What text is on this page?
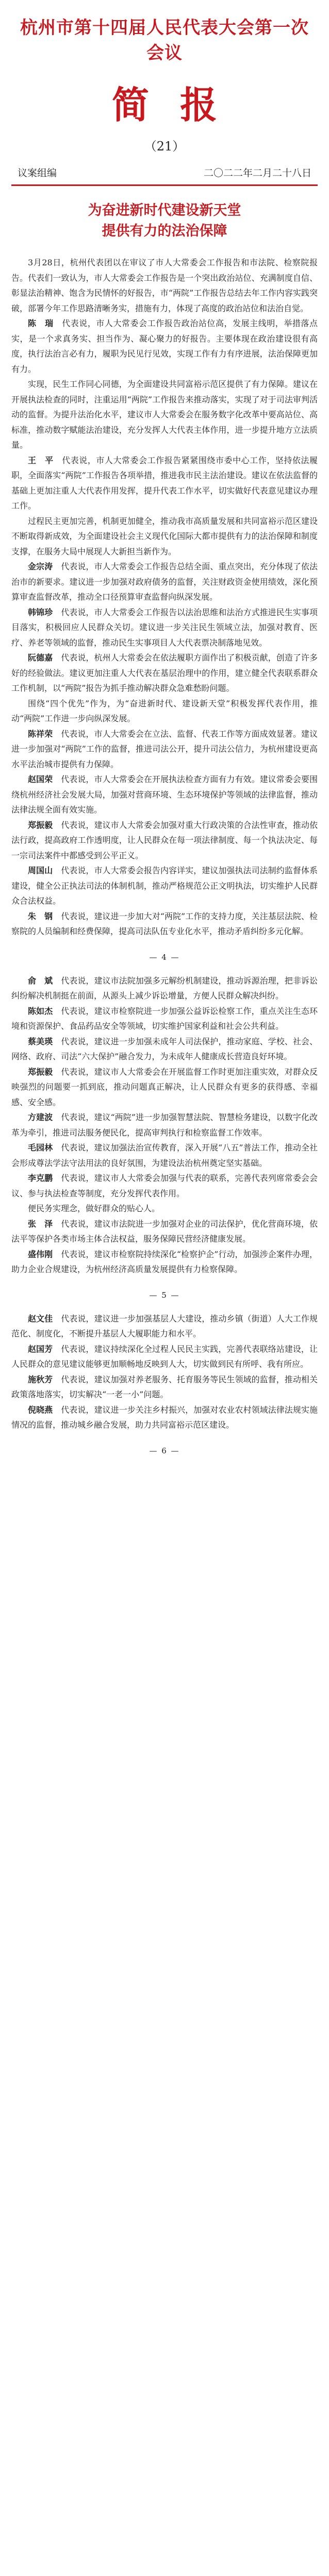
杭州市第十四届人民代表大会第一次会议
简报
（21）
议案组编	二〇二二年二月二十八日
为奋进新时代建设新天堂
提供有力的法治保障

3月28日，杭州代表团以在审议了市人大常委会工作报告和市法院、检察院报告。代表们一致认为，市人大常委会工作报告是一个突出政治站位、充满制度自信、彰显法治精神、饱含为民情怀的好报告，市“两院”工作报告总结去年工作内容实践突破，部署今年工作思路清晰务实，措施有力，体现了高度的政治站位和法治自觉。

陈　瑞　 代表说，市人大常委会工作报告政治站位高，发展主线明，举措落点实，是一个求真务实、担当作为、凝心聚力的好报告。主要体现在政治建设很有高度，执行法治言必有力，履职为民见行见效，实现工作有力有序进展，法治保障更加有力。

实现，民生工作同心同德，为全面建设共同富裕示范区提供了有力保障。建议在开展执法检查的同时，注重运用“两院”工作报告来推动落实，实现了对于司法审判活动的监督。为提升法治化水平，建议市人大常委会在服务数字化改革中要高站位、高标准，推动数字赋能法治建设，充分发挥人大代表主体作用，进一步提升地方立法质量。

王　平　 代表说，市人大常委会工作报告紧紧围绕市委中心工作，坚持依法履职，全面落实“两院”工作报告各项举措，推进我市民主法治建设。建议在依法监督的基础上更加注重人大代表作用发挥，提升代表工作水平，切实做好代表意见建议办理工作。

过程民主更加完善，机制更加健全，推动我市高质量发展和共同富裕示范区建设不断取得新成效，为全面建设社会主义现代化国际大都市提供有力的法治保障和制度支撑，在服务大局中展现人大新担当新作为。

金宗涛　 代表说，市人大常委会工作报告总结全面、重点突出，充分体现了依法治市的新要求。建议进一步加强对政府债务的监督，关注财政资金使用绩效，深化预算审查监督改革，推动全口径预算审查监督向纵深发展。

韩锦珍　 代表说，市人大常委会工作报告以法治思维和法治方式推进民生实事项目落实，积极回应人民群众关切。建议进一步关注民生领域立法，加强对教育、医疗、养老等领域的监督，推动民生实事项目人大代表票决制落地见效。

阮德嘉　 代表说，杭州人大常委会在依法履职方面作出了积极贡献，创造了许多好的经验做法。建议更加注重人大代表在基层治理中的作用，建立健全代表联系群众工作机制，以“两院”报告为抓手推动解决群众急难愁盼问题。

围绕“四个优先”作为，为“奋进新时代、建设新天堂”积极发挥代表作用，推动“两院”工作进一步向纵深发展。

陈祥荣　 代表说，市人大常委会在立法、监督、代表工作等方面成效显著。建议进一步加强对“两院”工作的监督，推进司法公开，提升司法公信力，为杭州建设更高水平法治城市提供有力保障。

赵国荣　 代表说，市人大常委会在开展执法检查方面有力有效。建议常委会要围绕杭州经济社会发展大局，加强对营商环境、生态环境保护等领域的法律监督，推动法律法规全面有效实施。

郑振毅　 代表说，建议市人大常委会加强对重大行政决策的合法性审查，推动依法行政，提高政府工作透明度，让人民群众在每一项法律制度、每一个执法决定、每一宗司法案件中都感受到公平正义。

周国山　 代表说，市人大常委会报告内容详实，建议加强执法司法制约监督体系建设，健全公正执法司法的体制机制，推动严格规范公正文明执法，切实维护人民群众合法权益。

朱　钢　 代表说，建议进一步加大对“两院”工作的支持力度，关注基层法院、检察院的人员编制和经费保障，提高司法队伍专业化水平，推动矛盾纠纷多元化解。

— 4 —

俞　斌　 代表说，建议市法院加强多元解纷机制建设，推动诉源治理，把非诉讼纠纷解决机制挺在前面，从源头上减少诉讼增量，方便人民群众解决纠纷。

陈如杰　 代表说，建议市检察院进一步加强公益诉讼检察工作，重点关注生态环境和资源保护、食品药品安全等领域，切实维护国家利益和社会公共利益。

蔡美瑛　 代表说，建议进一步加强未成年人司法保护，推动家庭、学校、社会、网络、政府、司法“六大保护”融合发力，为未成年人健康成长营造良好环境。

郑振毅　 代表说，建议市人大常委会在开展监督工作时更加注重实效，对群众反映强烈的问题要一抓到底，推动问题真正解决，让人民群众有更多的获得感、幸福感、安全感。

方建波　 代表说，建议“两院”进一步加强智慧法院、智慧检务建设，以数字化改革为牵引，推进司法服务便民化，提高审判执行和检察监督工作效率。

毛园林　 代表说，建议加强法治宣传教育，深入开展“八五”普法工作，推动全社会形成尊法学法守法用法的良好氛围，为建设法治杭州奠定坚实基础。

李克鹏　 代表说，建议市人大常委会加强与代表的联系，完善代表列席常委会会议、参与执法检查等制度，充分发挥代表作用。

便民务实理念，做好群众的贴心人。

张　泽　 代表说，建议市法院进一步加强对企业的司法保护，优化营商环境，依法平等保护各类市场主体合法权益，服务保障民营经济健康发展。

盛伟刚　 代表说，建议市检察院持续深化“检察护企”行动，加强涉企案件办理，助力企业合规建设，为杭州经济高质量发展提供有力检察保障。

— 5 —

赵文佳　 代表说，建议进一步加强基层人大建设，推动乡镇（街道）人大工作规范化、制度化，不断提升基层人大履职能力和水平。

赵国芳　 代表说，建议持续深化全过程人民民主实践，完善代表联络站建设，让人民群众的意见建议能够更加顺畅地反映到人大，切实做到民有所呼、我有所应。

施秋芳　 代表说，建议加强对养老服务、托育服务等民生领域的监督，推动相关政策落地落实，切实解决“一老一小”问题。

倪晓燕　 代表说，建议进一步关注乡村振兴，加强对农业农村领域法律法规实施情况的监督，推动城乡融合发展，助力共同富裕示范区建设。

— 6 —
